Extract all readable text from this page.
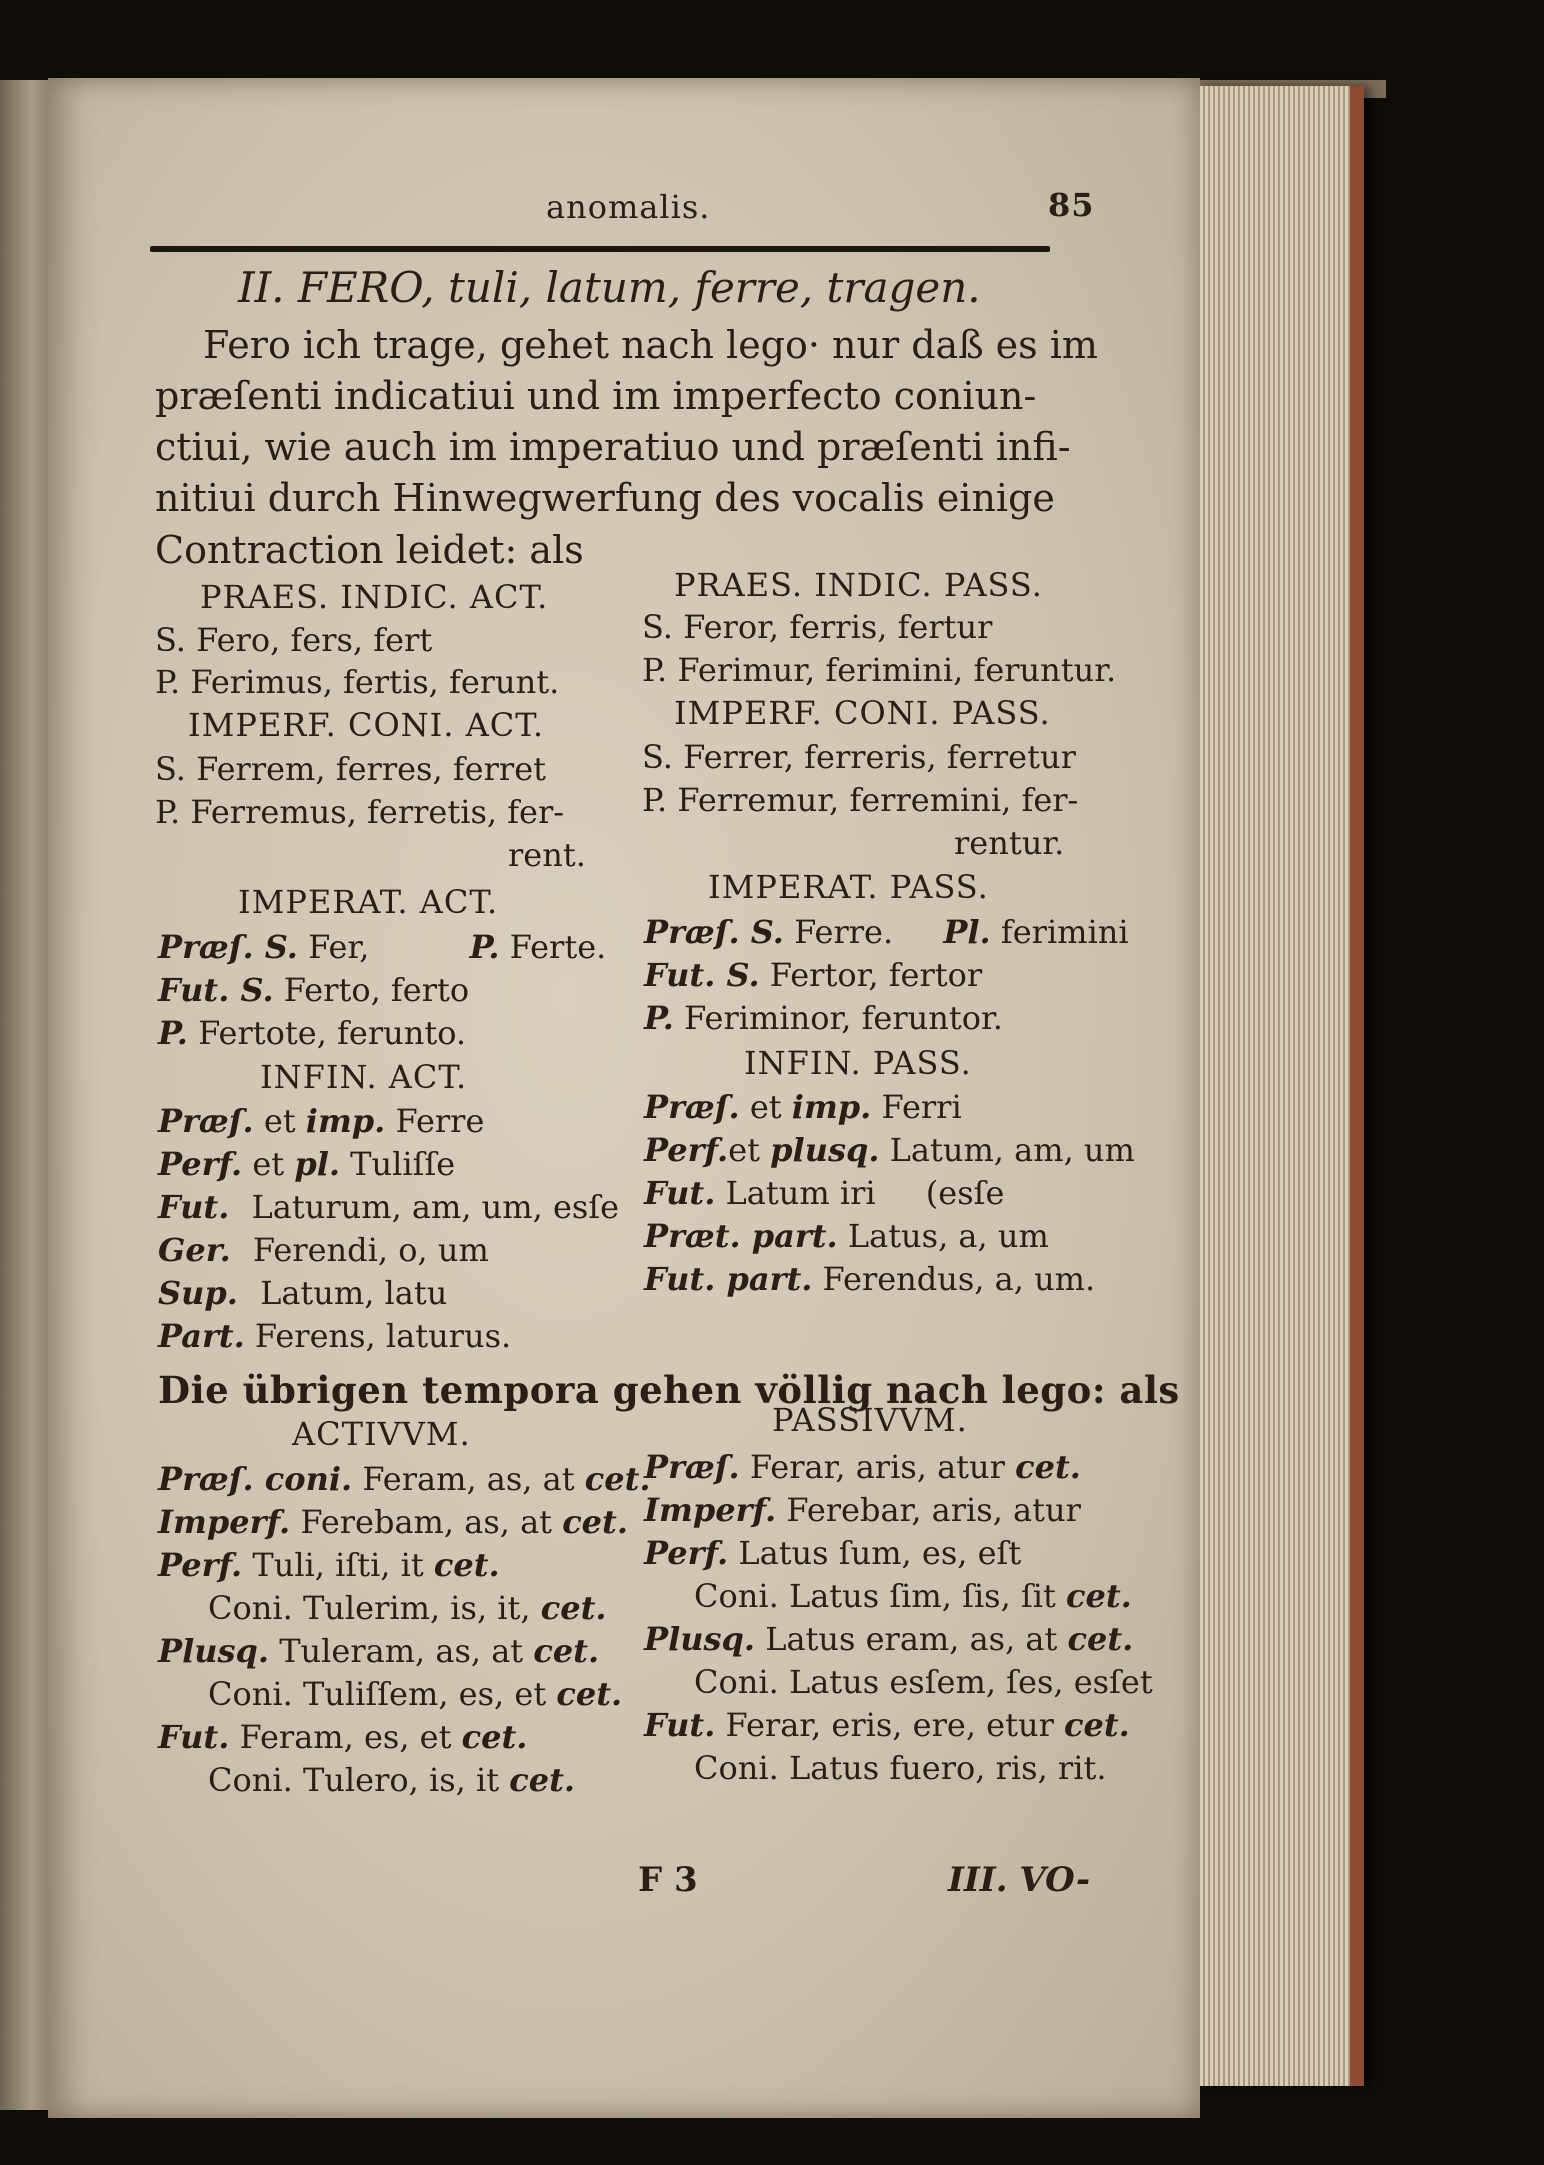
anomalis.	85
II. FERO, tuli, latum, ferre, tragen.
Fero ich trage, gehet nach lego· nur daß es im
præſenti indicatiui und im imperfecto coniun-
ctiui, wie auch im imperatiuo und præſenti infi-
nitiui durch Hinwegwerfung des vocalis einige
Contraction leidet: als
PRAES. INDIC. ACT.
S. Fero, fers, fert
P. Ferimus, fertis, ferunt.
IMPERF. CONI. ACT.
S. Ferrem, ferres, ferret
P. Ferremus, ferretis, fer-
rent.
IMPERAT. ACT.
Præſ. S. Fer,	P. Ferte.
Fut. S. Ferto, ferto
P. Fertote, ferunto.
INFIN. ACT.
Præſ. et imp. Ferre
Perf. et pl. Tuliſſe
Fut. Laturum, am, um, esſe
Ger. Ferendi, o, um
Sup. Latum, latu
Part. Ferens, laturus.
PRAES. INDIC. PASS.
S. Feror, ferris, fertur
P. Ferimur, ferimini, feruntur.
IMPERF. CONI. PASS.
S. Ferrer, ferreris, ferretur
P. Ferremur, ferremini, fer-
rentur.
IMPERAT. PASS.
Præſ. S. Ferre. Pl. ferimini
Fut. S. Fertor, fertor
P. Feriminor, feruntor.
INFIN. PASS.
Præſ. et imp. Ferri
Perf.et plusq. Latum, am, um
Fut. Latum iri (esſe
Præt. part. Latus, a, um
Fut. part. Ferendus, a, um.
Die übrigen tempora gehen völlig nach lego: als
ACTIVVM.
Præſ. coni. Feram, as, at cet.
Imperf. Ferebam, as, at cet.
Perf. Tuli, iſti, it cet.
Coni. Tulerim, is, it, cet.
Plusq. Tuleram, as, at cet.
Coni. Tuliſſem, es, et cet.
Fut. Feram, es, et cet.
Coni. Tulero, is, it cet.
PASSIVVM.
Præſ. Ferar, aris, atur cet.
Imperf. Ferebar, aris, atur
Perf. Latus ſum, es, eſt
Coni. Latus ſim, ſis, ſit cet.
Plusq. Latus eram, as, at cet.
Coni. Latus esſem, ſes, esſet
Fut. Ferar, eris, ere, etur cet.
Coni. Latus fuero, ris, rit.
F 3	III. VO-
